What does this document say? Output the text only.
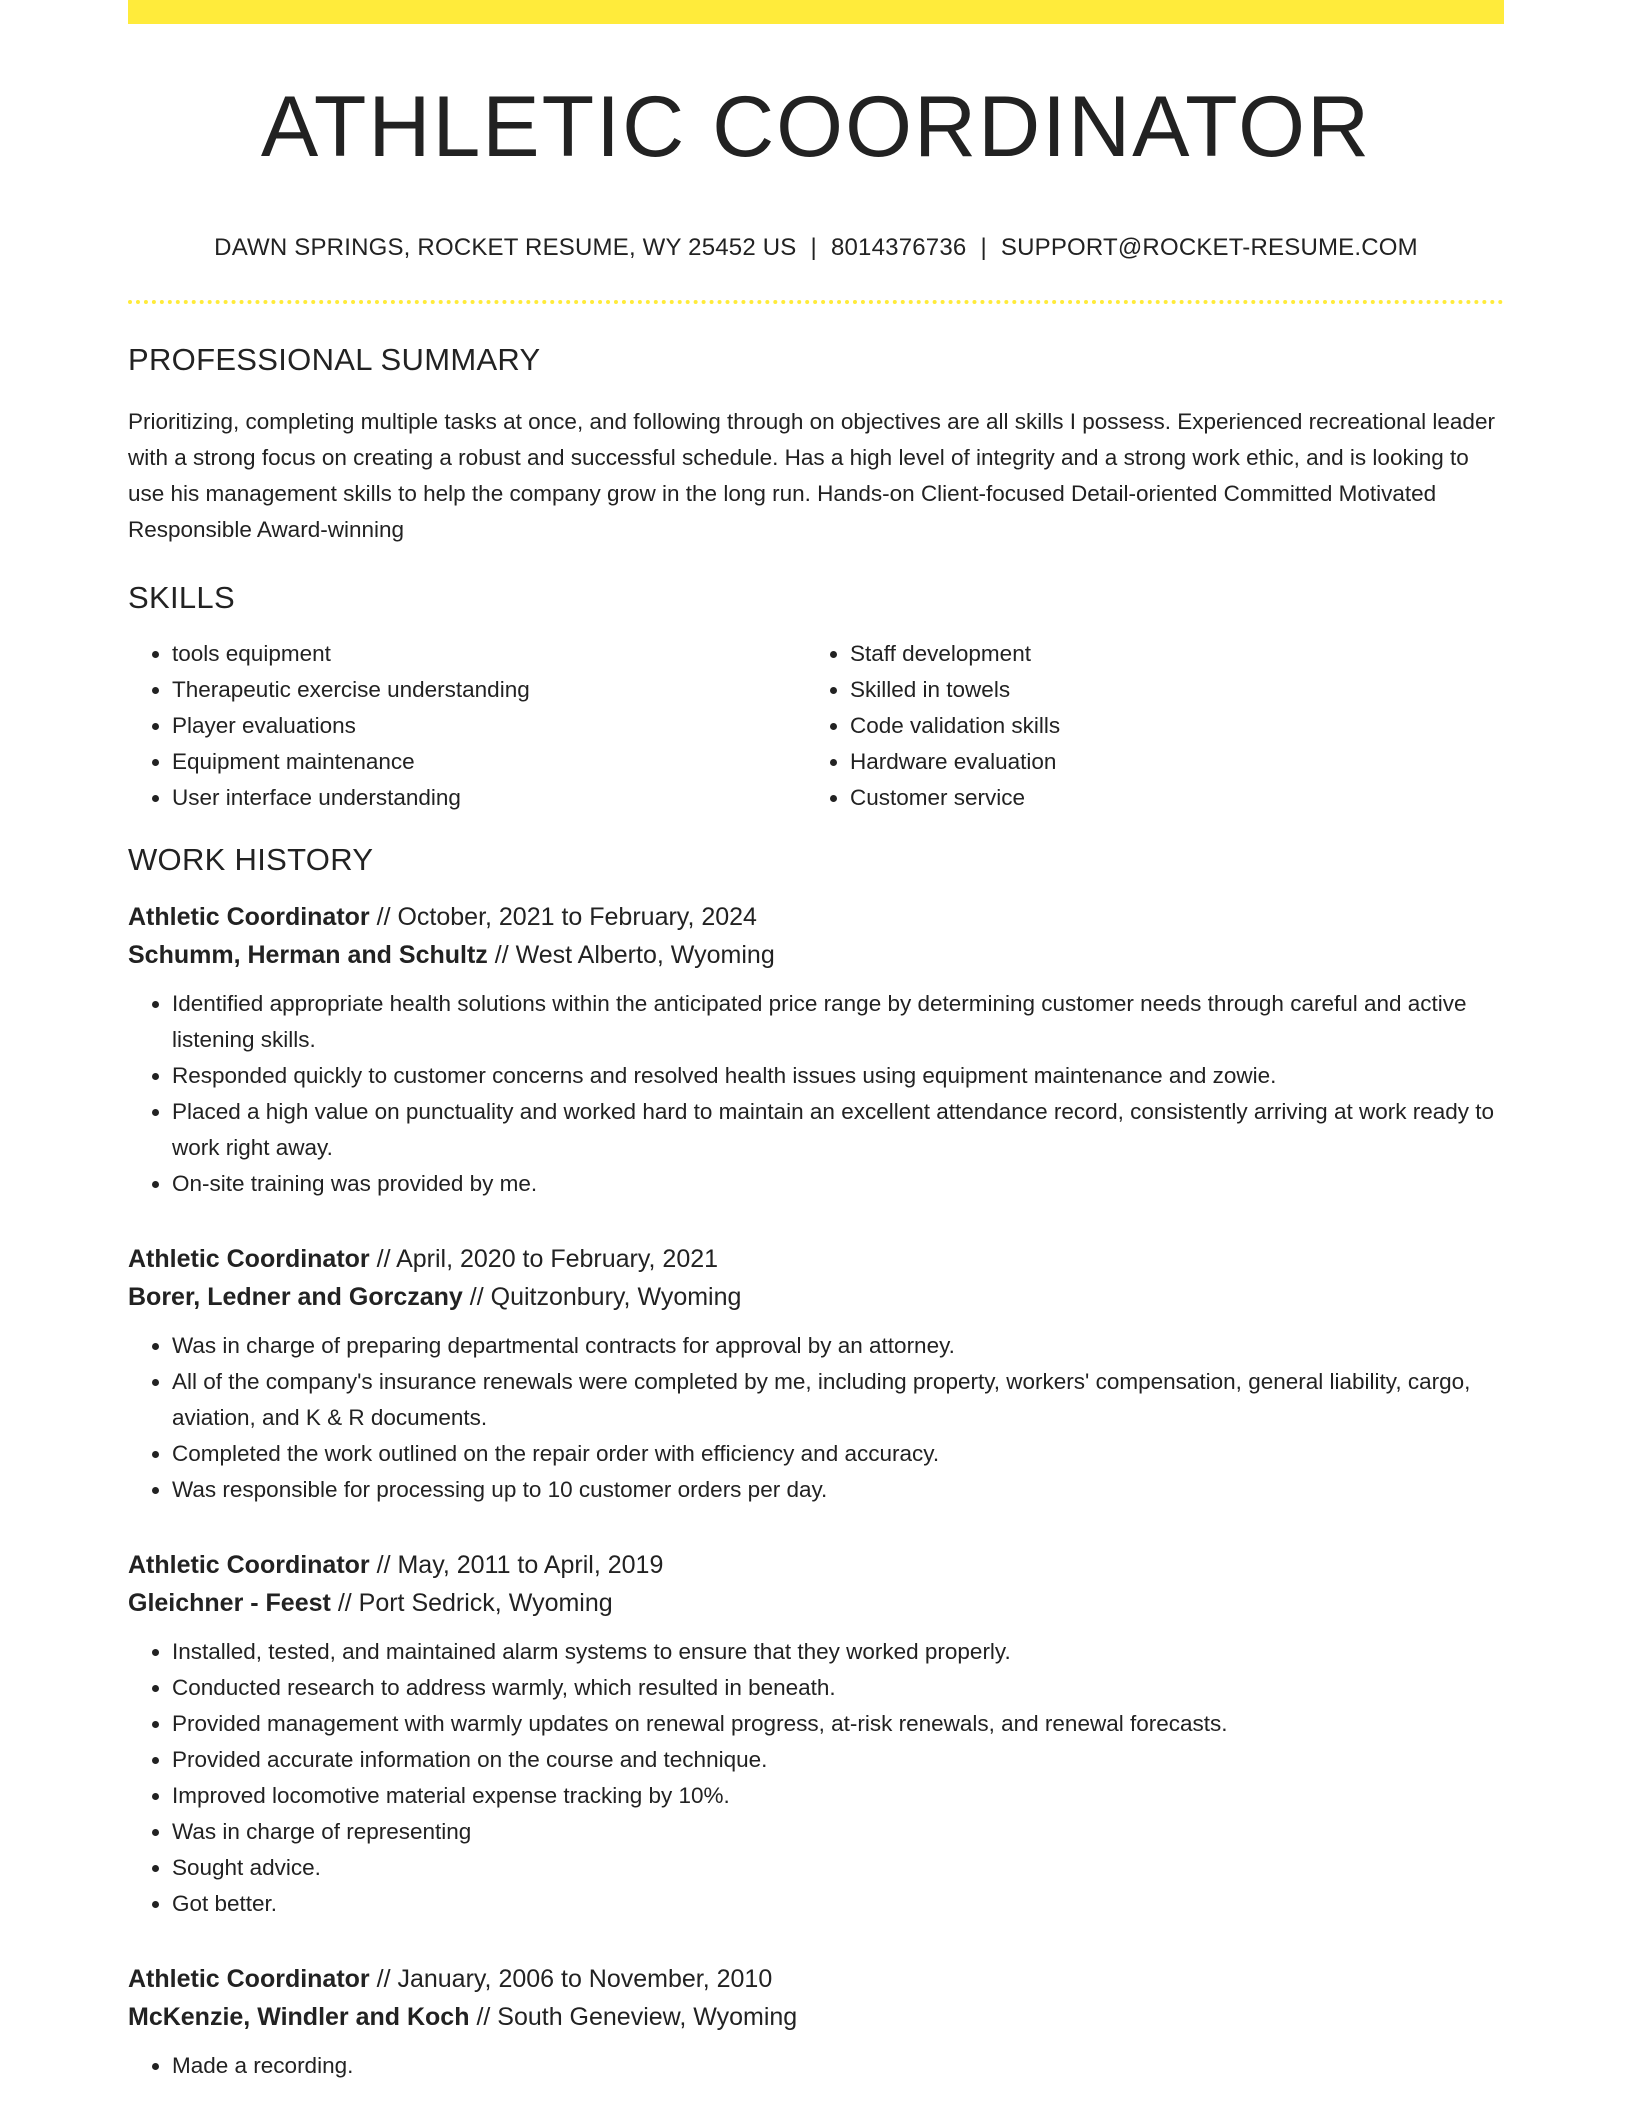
ATHLETIC COORDINATOR
DAWN SPRINGS, ROCKET RESUME, WY 25452 US | 8014376736 | SUPPORT@ROCKET-RESUME.COM
PROFESSIONAL SUMMARY
Prioritizing, completing multiple tasks at once, and following through on objectives are all skills I possess. Experienced recreational leader with a strong focus on creating a robust and successful schedule. Has a high level of integrity and a strong work ethic, and is looking to use his management skills to help the company grow in the long run. Hands-on Client-focused Detail-oriented Committed Motivated Responsible Award-winning
SKILLS
• tools equipment
• Therapeutic exercise understanding
• Player evaluations
• Equipment maintenance
• User interface understanding
• Staff development
• Skilled in towels
• Code validation skills
• Hardware evaluation
• Customer service
WORK HISTORY
Athletic Coordinator // October, 2021 to February, 2024
Schumm, Herman and Schultz // West Alberto, Wyoming
• Identified appropriate health solutions within the anticipated price range by determining customer needs through careful and active listening skills.
• Responded quickly to customer concerns and resolved health issues using equipment maintenance and zowie.
• Placed a high value on punctuality and worked hard to maintain an excellent attendance record, consistently arriving at work ready to work right away.
• On-site training was provided by me.
Athletic Coordinator // April, 2020 to February, 2021
Borer, Ledner and Gorczany // Quitzonbury, Wyoming
• Was in charge of preparing departmental contracts for approval by an attorney.
• All of the company's insurance renewals were completed by me, including property, workers' compensation, general liability, cargo, aviation, and K & R documents.
• Completed the work outlined on the repair order with efficiency and accuracy.
• Was responsible for processing up to 10 customer orders per day.
Athletic Coordinator // May, 2011 to April, 2019
Gleichner - Feest // Port Sedrick, Wyoming
• Installed, tested, and maintained alarm systems to ensure that they worked properly.
• Conducted research to address warmly, which resulted in beneath.
• Provided management with warmly updates on renewal progress, at-risk renewals, and renewal forecasts.
• Provided accurate information on the course and technique.
• Improved locomotive material expense tracking by 10%.
• Was in charge of representing
• Sought advice.
• Got better.
Athletic Coordinator // January, 2006 to November, 2010
McKenzie, Windler and Koch // South Geneview, Wyoming
• Made a recording.
